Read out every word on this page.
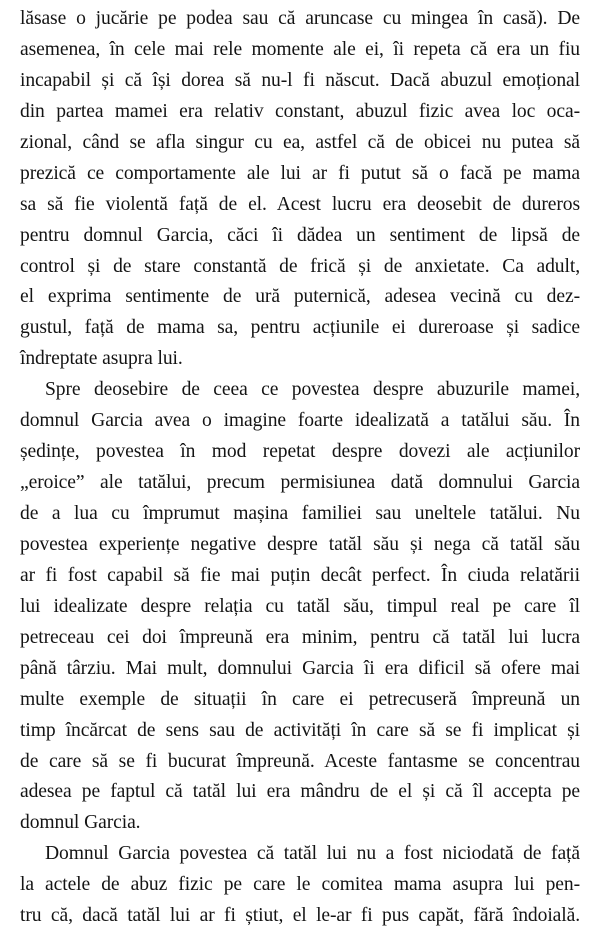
lăsase o jucărie pe podea sau că aruncase cu mingea în casă). De
asemenea, în cele mai rele momente ale ei, îi repeta că era un fiu
incapabil și că își dorea să nu-l fi născut. Dacă abuzul emoțional
din partea mamei era relativ constant, abuzul fizic avea loc oca-
zional, când se afla singur cu ea, astfel că de obicei nu putea să
prezică ce comportamente ale lui ar fi putut să o facă pe mama
sa să fie violentă față de el. Acest lucru era deosebit de dureros
pentru domnul Garcia, căci îi dădea un sentiment de lipsă de
control și de stare constantă de frică și de anxietate. Ca adult,
el exprima sentimente de ură puternică, adesea vecină cu dez-
gustul, față de mama sa, pentru acțiunile ei dureroase și sadice
îndreptate asupra lui.
Spre deosebire de ceea ce povestea despre abuzurile mamei,
domnul Garcia avea o imagine foarte idealizată a tatălui său. În
ședințe, povestea în mod repetat despre dovezi ale acțiunilor
„eroice” ale tatălui, precum permisiunea dată domnului Garcia
de a lua cu împrumut mașina familiei sau uneltele tatălui. Nu
povestea experiențe negative despre tatăl său și nega că tatăl său
ar fi fost capabil să fie mai puțin decât perfect. În ciuda relatării
lui idealizate despre relația cu tatăl său, timpul real pe care îl
petreceau cei doi împreună era minim, pentru că tatăl lui lucra
până târziu. Mai mult, domnului Garcia îi era dificil să ofere mai
multe exemple de situații în care ei petrecuseră împreună un
timp încărcat de sens sau de activități în care să se fi implicat și
de care să se fi bucurat împreună. Aceste fantasme se concentrau
adesea pe faptul că tatăl lui era mândru de el și că îl accepta pe
domnul Garcia.
Domnul Garcia povestea că tatăl lui nu a fost niciodată de față
la actele de abuz fizic pe care le comitea mama asupra lui pen-
tru că, dacă tatăl lui ar fi știut, el le-ar fi pus capăt, fără îndoială.
